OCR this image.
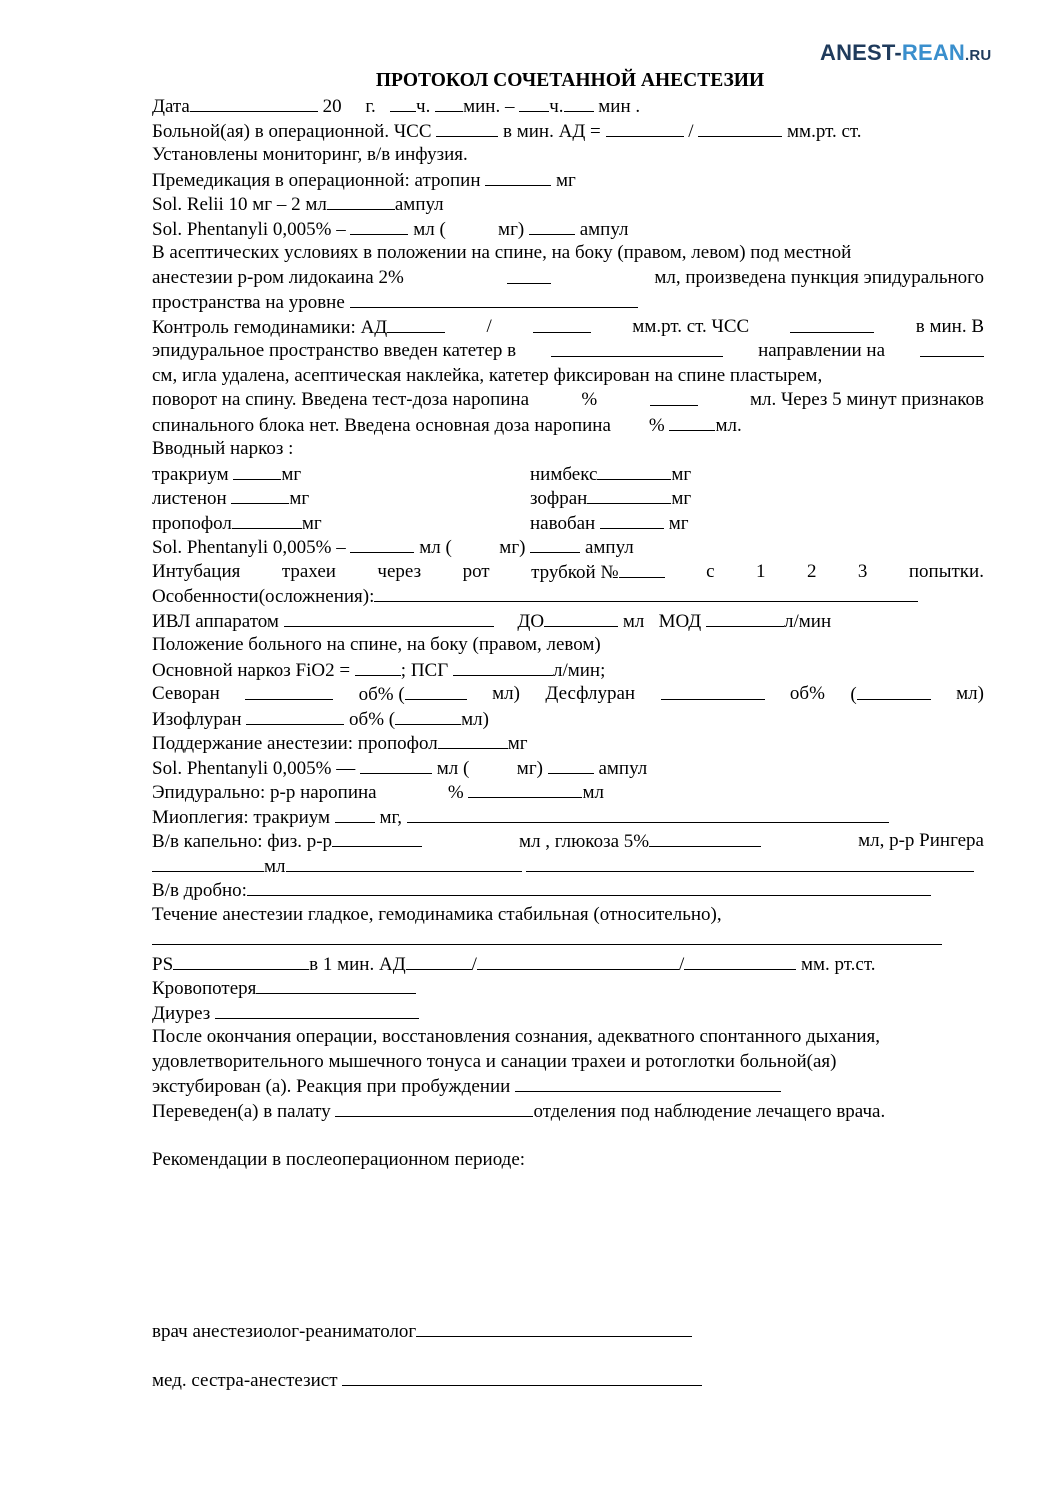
ANEST-REAN.RU
ПРОТОКОЛ СОЧЕТАННОЙ АНЕСТЕЗИИ
Дата	20 г. ч. мин. – ч. мин .
Больной(ая) в операционной. ЧСС	в мин. АД =	/	мм.рт. ст.
Установлены мониторинг, в/в инфузия.
Премедикация в операционной: атропин	мг
Sol. Relii 10 мг – 2 мл	ампул
Sol. Phentanyli 0,005% –	мл (	мг)	ампул
В асептических условиях в положении на спине, на боку (правом, левом) под местной
анестезии р-ром лидокаина 2%	мл, произведена пункция эпидурального
пространства на уровне
Контроль гемодинамики: АД	/	мм.рт. ст. ЧСС	в мин. В
эпидуральное пространство введен катетер в	направлении на
см, игла удалена, асептическая наклейка, катетер фиксирован на спине пластырем,
поворот на спину. Введена тест-доза наропина	%	мл. Через 5 минут признаков
спинального блока нет. Введена основная доза наропина %	мл.
Вводный наркоз :
тракриум	мг	нимбекс	мг
листенон	мг	зофран	мг
пропофол	мг	навобан	мг
Sol. Phentanyli 0,005% –	мл (	мг)	ампул
Интубация трахеи через рот трубкой №	с 1 2 3 попытки.
Особенности(осложнения):
ИВЛ аппаратом	ДО	мл МОД	л/мин
Положение больного на спине, на боку (правом, левом)
Основной наркоз FiO2 =	; ПСГ	л/мин;
Севоран	об% (	мл) Десфлуран	об% (	мл)
Изофлуран	об% (	мл)
Поддержание анестезии: пропофол	мг
Sol. Phentanyli 0,005% —	мл (	мг)	ампул
Эпидурально: р-р наропина	%	мл
Миоплегия: тракриум	мг,
В/в капельно: физ. р-р	мл , глюкоза 5%	мл, р-р Рингера
мл
В/в дробно:
Течение анестезии гладкое, гемодинамика стабильная (относительно),
PS	в 1 мин. АД	/	/	мм. рт.ст.
Кровопотеря
Диурез
После окончания операции, восстановления сознания, адекватного спонтанного дыхания,
удовлетворительного мышечного тонуса и санации трахеи и ротоглотки больной(ая)
экстубирован (а). Реакция при пробуждении
Переведен(а) в палату	отделения под наблюдение лечащего врача.
Рекомендации в послеоперационном периоде:
врач анестезиолог-реаниматолог
мед. сестра-анестезист
